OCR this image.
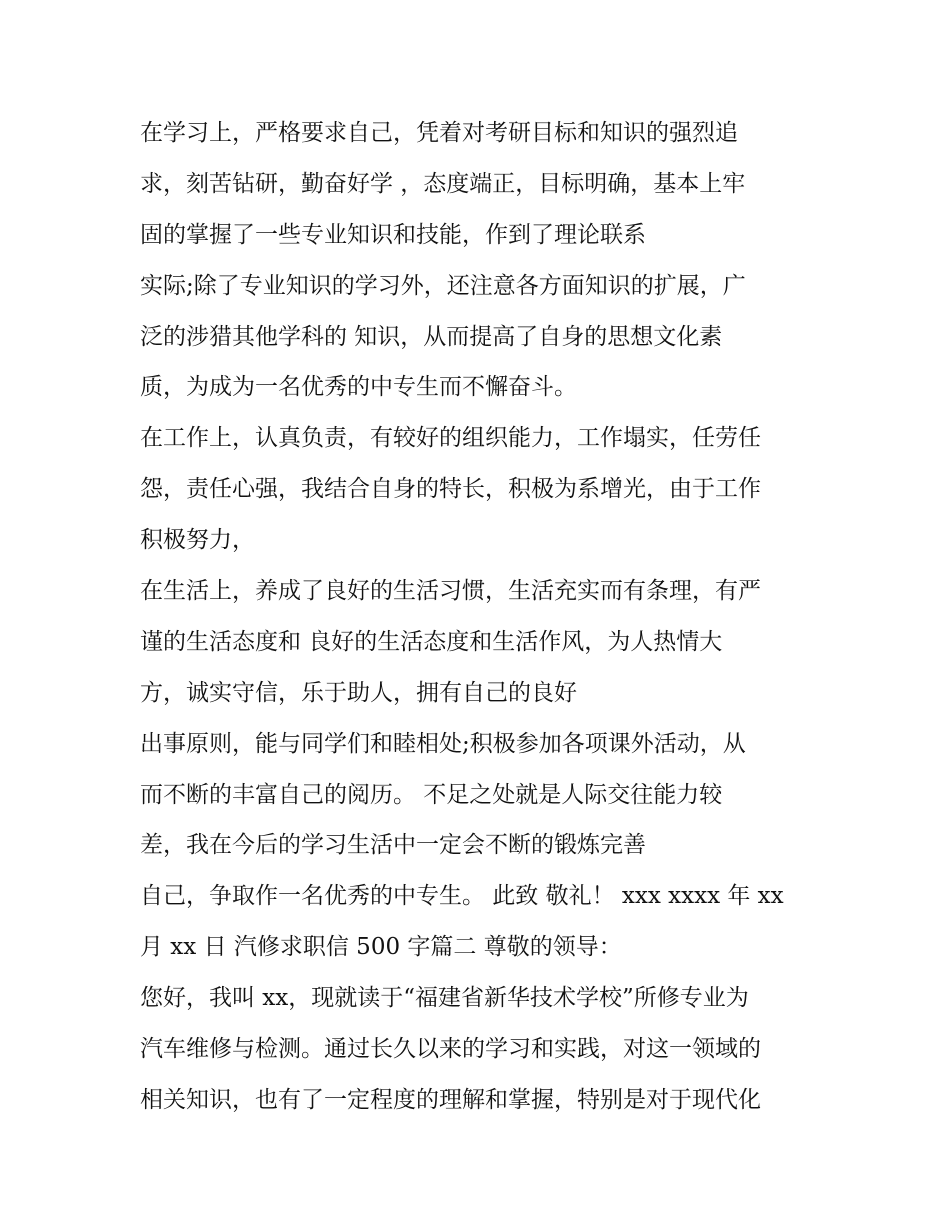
在学习上，严格要求自己，凭着对考研目标和知识的强烈追
求，刻苦钻研，勤奋好学 ，态度端正，目标明确，基本上牢
固的掌握了一些专业知识和技能，作到了理论联系
实际;除了专业知识的学习外，还注意各方面知识的扩展，广
泛的涉猎其他学科的 知识，从而提高了自身的思想文化素
质，为成为一名优秀的中专生而不懈奋斗。
在工作上，认真负责，有较好的组织能力，工作塌实，任劳任
怨，责任心强，我结合自身的特长，积极为系增光，由于工作
积极努力，
在生活上，养成了良好的生活习惯，生活充实而有条理，有严
谨的生活态度和 良好的生活态度和生活作风，为人热情大
方，诚实守信，乐于助人，拥有自己的良好
出事原则，能与同学们和睦相处;积极参加各项课外活动，从
而不断的丰富自己的阅历。 不足之处就是人际交往能力较
差，我在今后的学习生活中一定会不断的锻炼完善
自己，争取作一名优秀的中专生。 此致 敬礼！ xxx xxxx 年 xx
月 xx 日 汽修求职信 500 字篇二 尊敬的领导：
您好，我叫 xx，现就读于“福建省新华技术学校”所修专业为
汽车维修与检测。通过长久以来的学习和实践，对这一领域的
相关知识，也有了一定程度的理解和掌握，特别是对于现代化
